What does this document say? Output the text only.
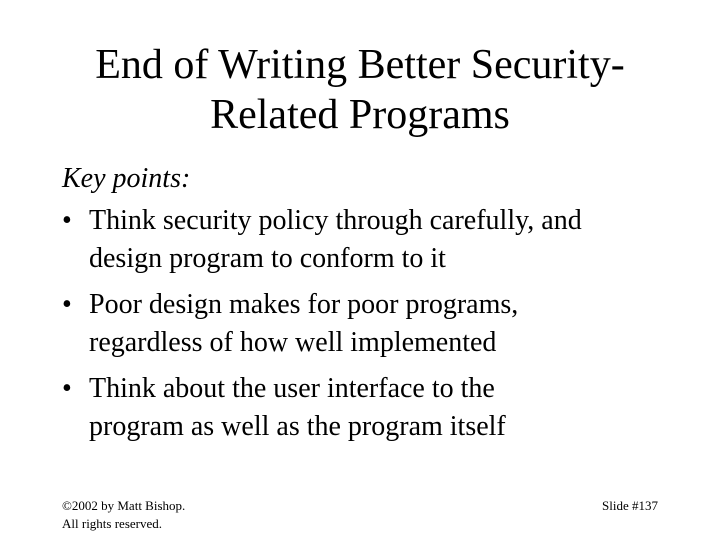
End of Writing Better Security-
Related Programs
Key points:
• Think security policy through carefully, and
design program to conform to it
• Poor design makes for poor programs,
regardless of how well implemented
• Think about the user interface to the
program as well as the program itself
©2002 by Matt Bishop.
All rights reserved.
Slide #137
